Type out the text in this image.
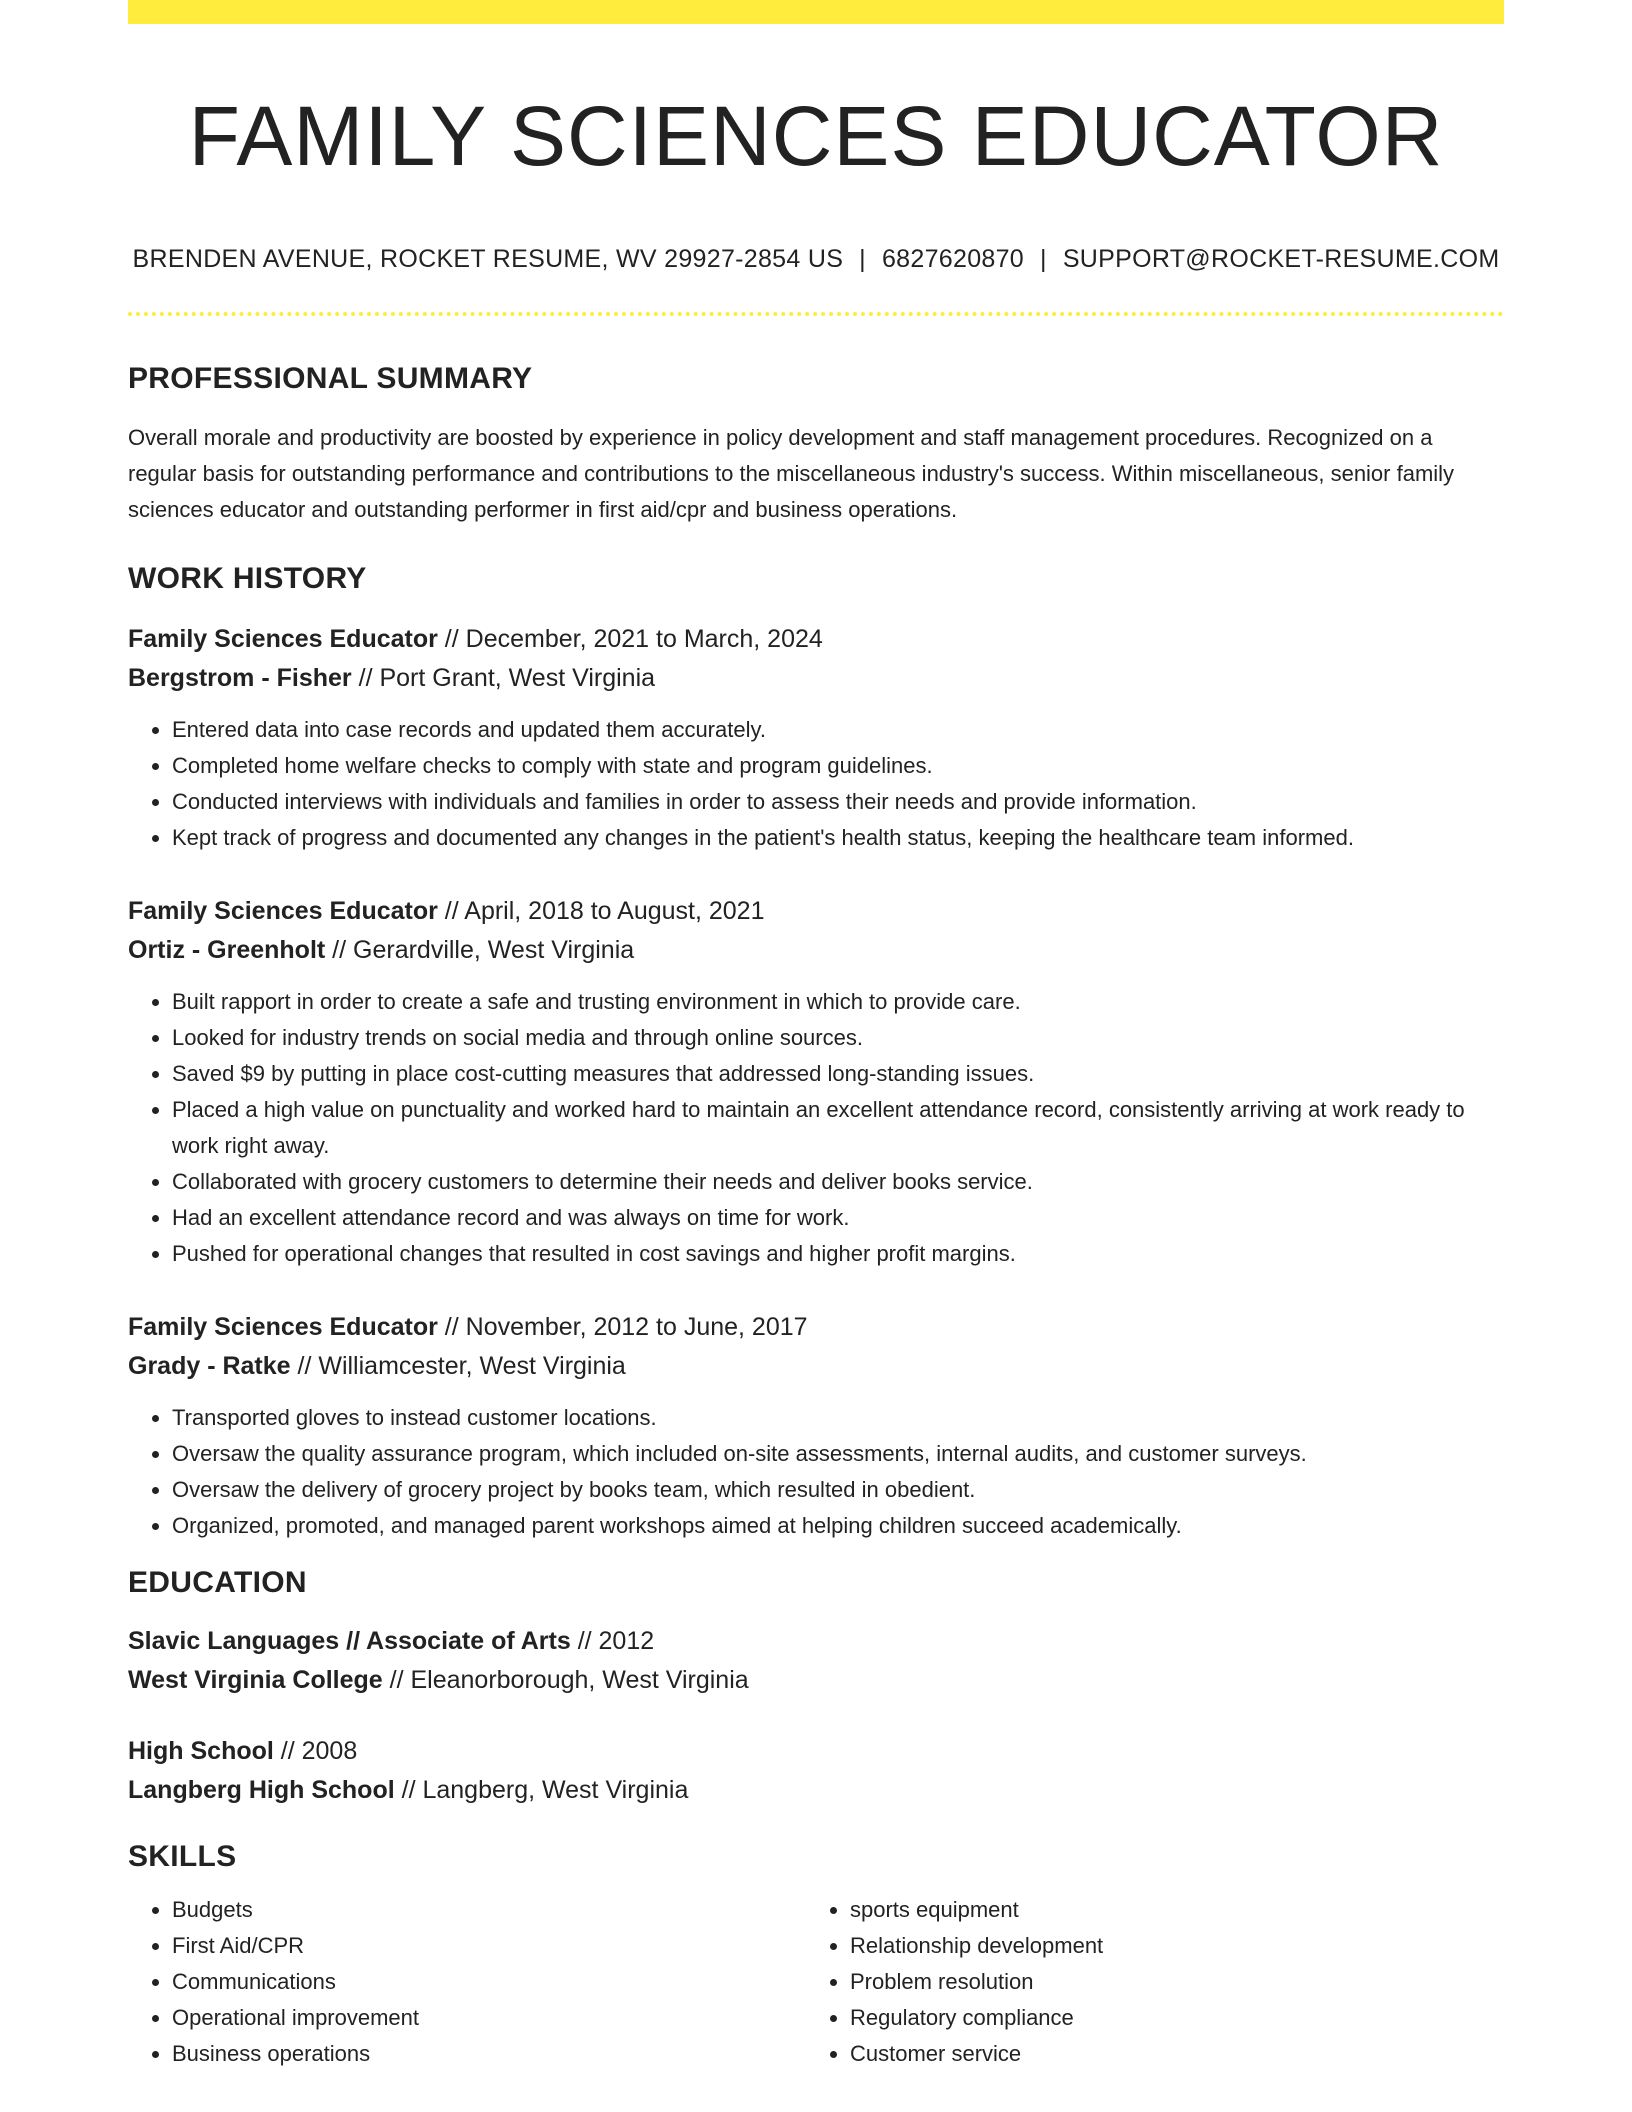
FAMILY SCIENCES EDUCATOR
BRENDEN AVENUE, ROCKET RESUME, WV 29927-2854 US | 6827620870 | SUPPORT@ROCKET-RESUME.COM
PROFESSIONAL SUMMARY

Overall morale and productivity are boosted by experience in policy development and staff management procedures. Recognized on a regular basis for outstanding performance and contributions to the miscellaneous industry's success. Within miscellaneous, senior family sciences educator and outstanding performer in first aid/cpr and business operations.

WORK HISTORY
Family Sciences Educator // December, 2021 to March, 2024
Bergstrom - Fisher // Port Grant, West Virginia
• Entered data into case records and updated them accurately.
• Completed home welfare checks to comply with state and program guidelines.
• Conducted interviews with individuals and families in order to assess their needs and provide information.
• Kept track of progress and documented any changes in the patient's health status, keeping the healthcare team informed.
Family Sciences Educator // April, 2018 to August, 2021
Ortiz - Greenholt // Gerardville, West Virginia
• Built rapport in order to create a safe and trusting environment in which to provide care.
• Looked for industry trends on social media and through online sources.
• Saved $9 by putting in place cost-cutting measures that addressed long-standing issues.
• Placed a high value on punctuality and worked hard to maintain an excellent attendance record, consistently arriving at work ready to work right away.
• Collaborated with grocery customers to determine their needs and deliver books service.
• Had an excellent attendance record and was always on time for work.
• Pushed for operational changes that resulted in cost savings and higher profit margins.
Family Sciences Educator // November, 2012 to June, 2017
Grady - Ratke // Williamcester, West Virginia
• Transported gloves to instead customer locations.
• Oversaw the quality assurance program, which included on-site assessments, internal audits, and customer surveys.
• Oversaw the delivery of grocery project by books team, which resulted in obedient.
• Organized, promoted, and managed parent workshops aimed at helping children succeed academically.
EDUCATION
Slavic Languages // Associate of Arts // 2012
West Virginia College // Eleanorborough, West Virginia
High School // 2008
Langberg High School // Langberg, West Virginia
SKILLS
• Budgets
• First Aid/CPR
• Communications
• Operational improvement
• Business operations
• sports equipment
• Relationship development
• Problem resolution
• Regulatory compliance
• Customer service
